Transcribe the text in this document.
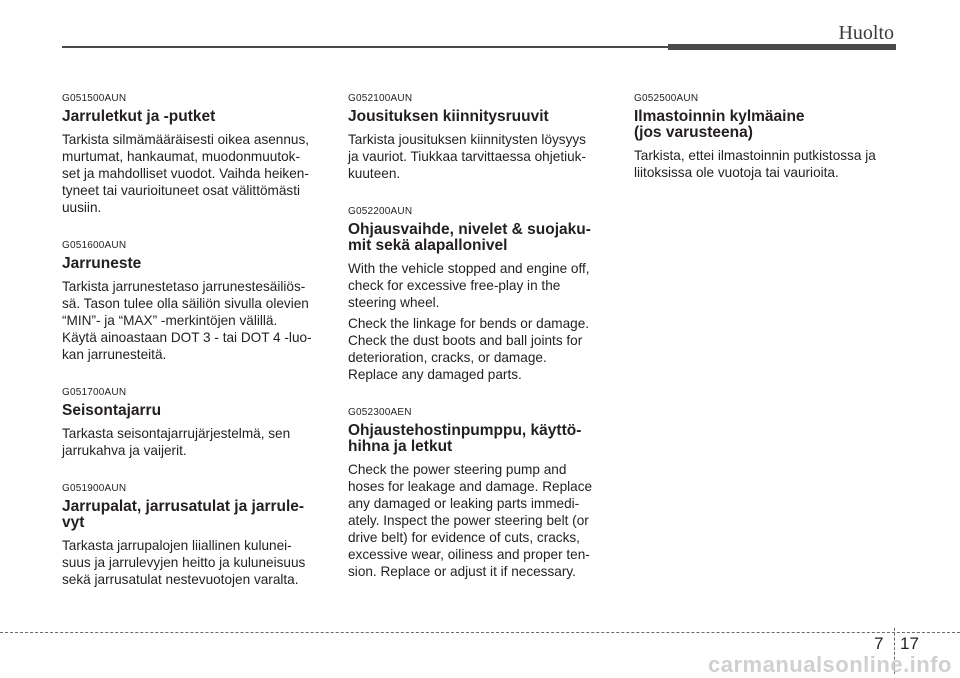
Huolto
G051500AUN
Jarruletkut ja -putket
Tarkista silmämääräisesti oikea asennus,
murtumat, hankaumat, muodonmuutok-
set ja mahdolliset vuodot. Vaihda heiken-
tyneet tai vaurioituneet osat välittömästi
uusiin.
G051600AUN
Jarruneste
Tarkista jarrunestetaso jarrunestesäiliös-
sä. Tason tulee olla säiliön sivulla olevien
“MIN”- ja “MAX” -merkintöjen välillä.
Käytä ainoastaan DOT 3 - tai DOT 4 -luo-
kan jarrunesteitä.
G051700AUN
Seisontajarru
Tarkasta seisontajarrujärjestelmä, sen
jarrukahva ja vaijerit.
G051900AUN
Jarrupalat, jarrusatulat ja jarrule-
vyt
Tarkasta jarrupalojen liiallinen kulunei-
suus ja jarrulevyjen heitto ja kuluneisuus
sekä jarrusatulat nestevuotojen varalta.
G052100AUN
Jousituksen kiinnitysruuvit
Tarkista jousituksen kiinnitysten löysyys
ja vauriot. Tiukkaa tarvittaessa ohjetiuk-
kuuteen.
G052200AUN
Ohjausvaihde, nivelet & suojaku-
mit sekä alapallonivel
With the vehicle stopped and engine off,
check for excessive free-play in the
steering wheel.
Check the linkage for bends or damage.
Check the dust boots and ball joints for
deterioration, cracks, or damage.
Replace any damaged parts.
G052300AEN
Ohjaustehostinpumppu, käyttö-
hihna ja letkut
Check the power steering pump and
hoses for leakage and damage. Replace
any damaged or leaking parts immedi-
ately. Inspect the power steering belt (or
drive belt) for evidence of cuts, cracks,
excessive wear, oiliness and proper ten-
sion. Replace or adjust it if necessary.
G052500AUN
Ilmastoinnin kylmäaine
(jos varusteena)
Tarkista, ettei ilmastoinnin putkistossa ja
liitoksissa ole vuotoja tai vaurioita.
7 17
carmanualsonline.info
